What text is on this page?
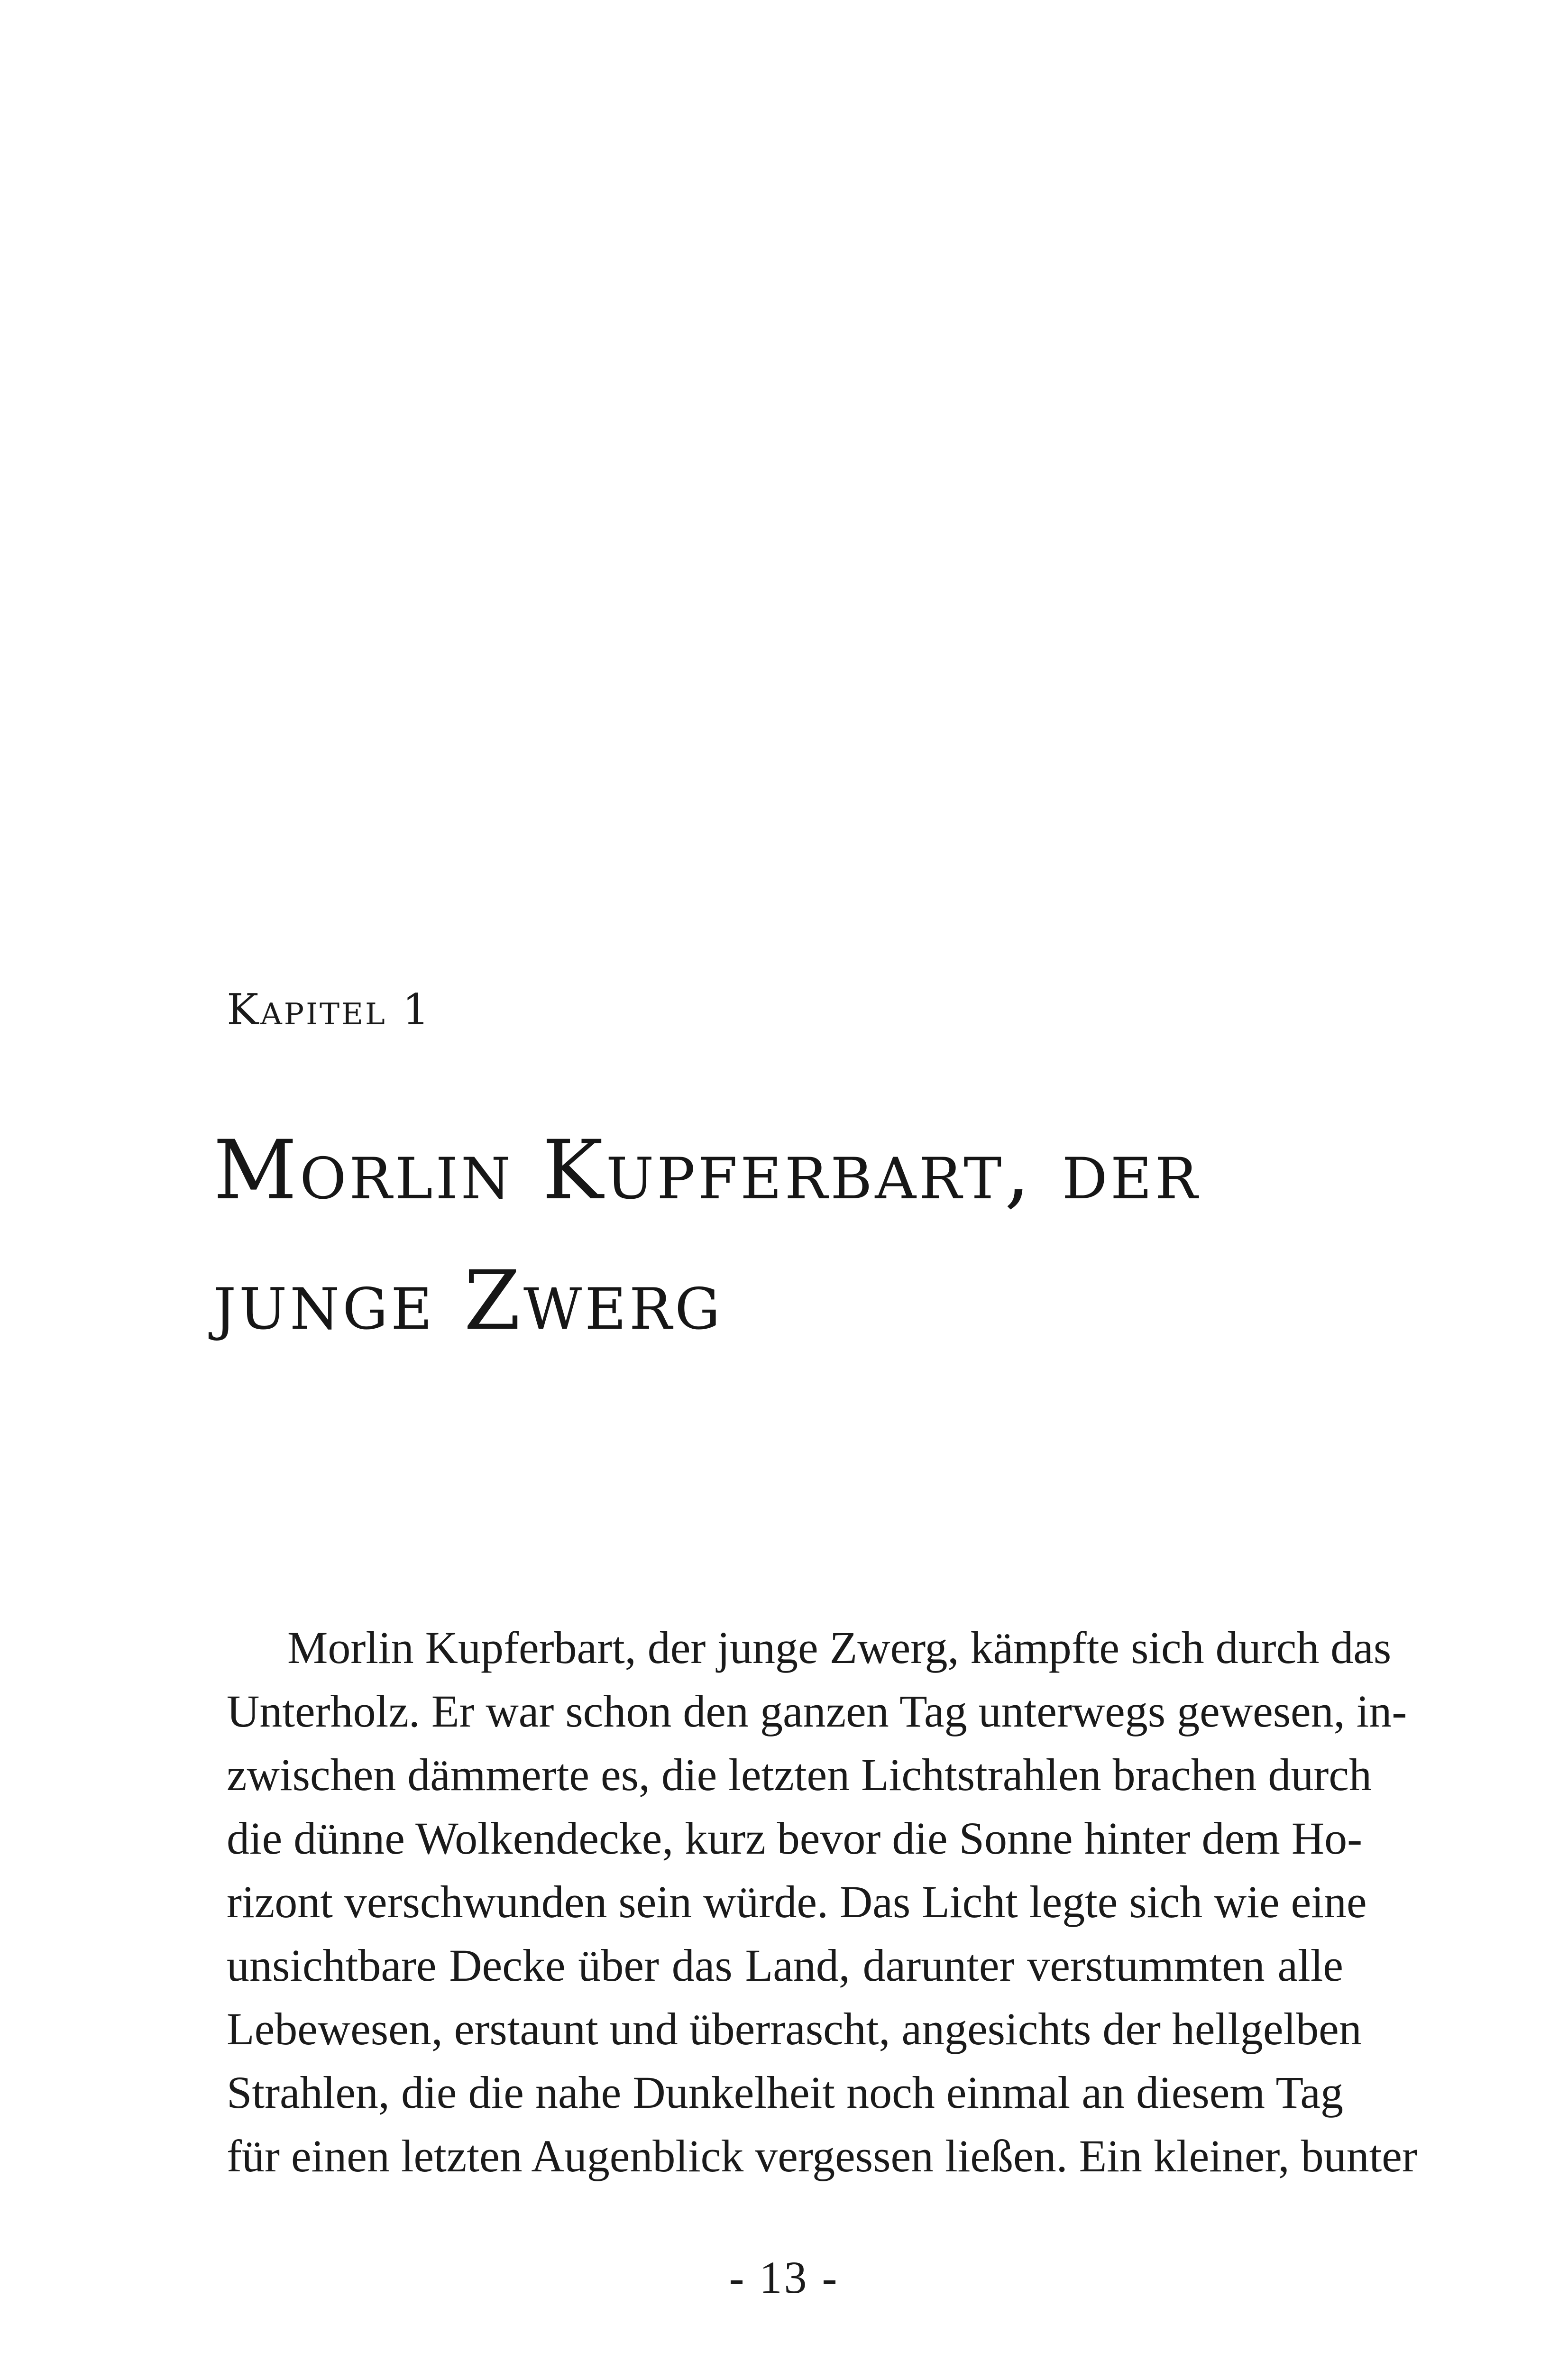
Kapitel 1
Morlin Kupferbart, der
junge Zwerg
Morlin Kupferbart, der junge Zwerg, kämpfte sich durch das
Unterholz. Er war schon den ganzen Tag unterwegs gewesen, in-
zwischen dämmerte es, die letzten Lichtstrahlen brachen durch
die dünne Wolkendecke, kurz bevor die Sonne hinter dem Ho-
rizont verschwunden sein würde. Das Licht legte sich wie eine
unsichtbare Decke über das Land, darunter verstummten alle
Lebewesen, erstaunt und überrascht, angesichts der hellgelben
Strahlen, die die nahe Dunkelheit noch einmal an diesem Tag
für einen letzten Augenblick vergessen ließen. Ein kleiner, bunter
- 13 -
